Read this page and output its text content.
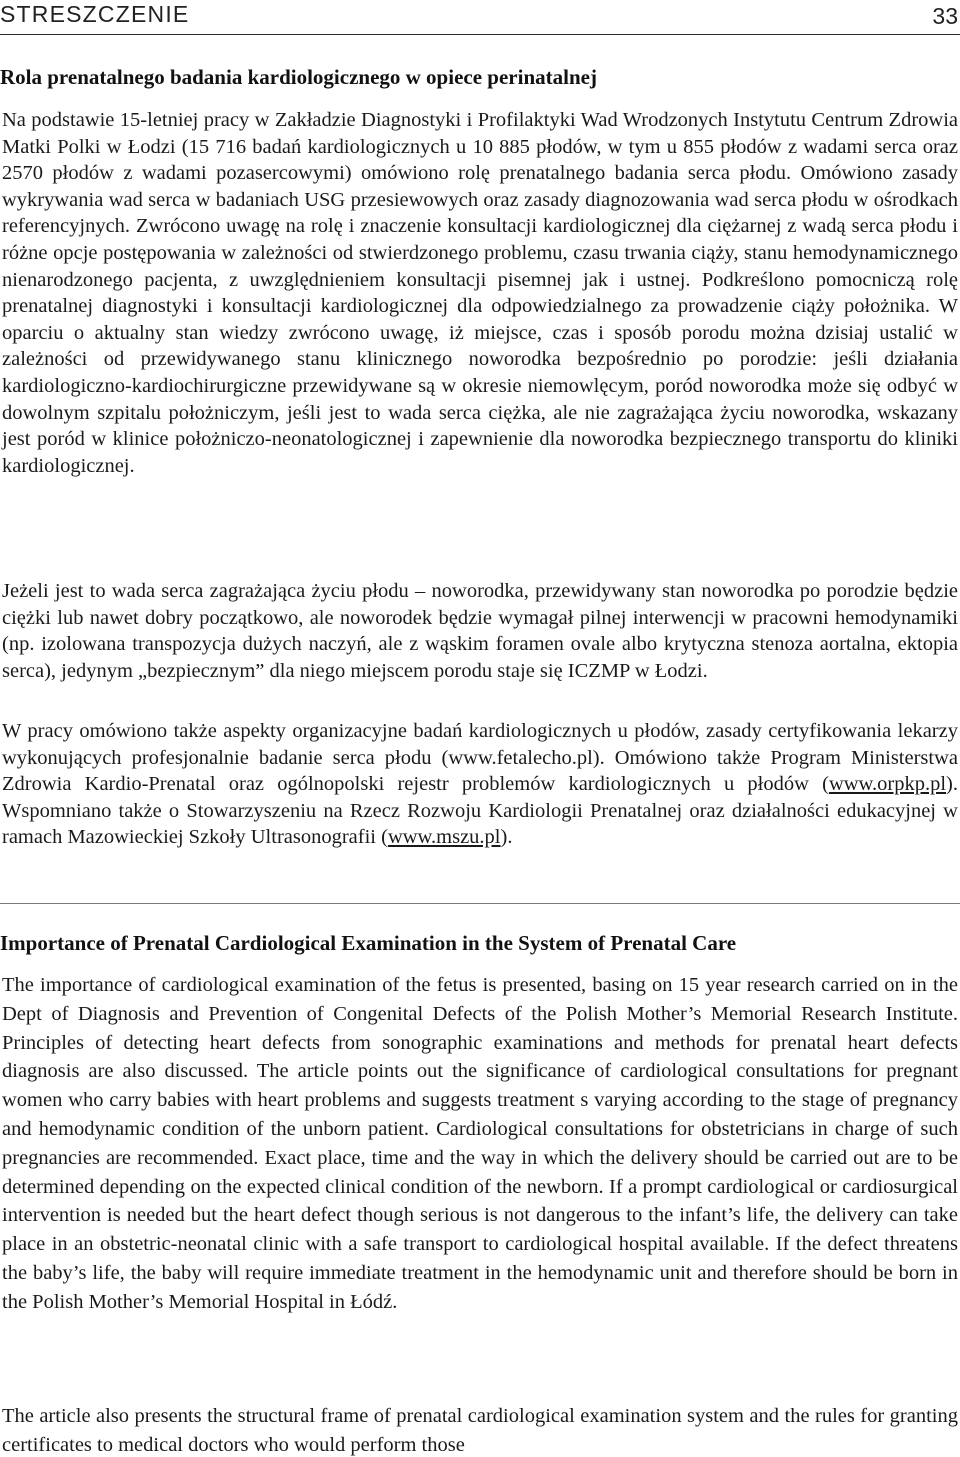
STRESZCZENIE	33
Rola prenatalnego badania kardiologicznego w opiece perinatalnej

Na podstawie 15-letniej pracy w Zakładzie Diagnostyki i Profilaktyki Wad Wrodzonych Instytutu Centrum Zdrowia Matki Polki w Łodzi (15 716 badań kardiologicznych u 10 885 płodów, w tym u 855 płodów z wadami serca oraz 2570 płodów z wadami pozasercowymi) omówiono rolę prenatalnego badania serca płodu. Omówiono zasady wykrywania wad serca w badaniach USG przesiewowych oraz zasady diagnozowania wad serca płodu w ośrodkach referencyjnych. Zwrócono uwagę na rolę i znaczenie konsultacji kardiologicznej dla ciężarnej z wadą serca płodu i różne opcje postępowania w zależności od stwierdzonego problemu, czasu trwania ciąży, stanu hemodynamicznego nienarodzonego pacjenta, z uwzględnieniem konsultacji pisemnej jak i ustnej. Podkreślono pomocniczą rolę prenatalnej diagnostyki i konsultacji kardiologicznej dla odpowiedzialnego za prowadzenie ciąży położnika. W oparciu o aktualny stan wiedzy zwrócono uwagę, iż miejsce, czas i sposób porodu można dzisiaj ustalić w zależności od przewidywanego stanu klinicznego noworodka bezpośrednio po porodzie: jeśli działania kardiologiczno-kardiochirurgiczne przewidywane są w okresie niemowlęcym, poród noworodka może się odbyć w dowolnym szpitalu położniczym, jeśli jest to wada serca ciężka, ale nie zagrażająca życiu noworodka, wskazany jest poród w klinice położniczo-neonatologicznej i zapewnienie dla noworodka bezpiecznego transportu do kliniki kardiologicznej.

Jeżeli jest to wada serca zagrażająca życiu płodu – noworodka, przewidywany stan noworodka po porodzie będzie ciężki lub nawet dobry początkowo, ale noworodek będzie wymagał pilnej interwencji w pracowni hemodynamiki (np. izolowana transpozycja dużych naczyń, ale z wąskim foramen ovale albo krytyczna stenoza aortalna, ektopia serca), jedynym „bezpiecznym” dla niego miejscem porodu staje się ICZMP w Łodzi.

W pracy omówiono także aspekty organizacyjne badań kardiologicznych u płodów, zasady certyfikowania lekarzy wykonujących profesjonalnie badanie serca płodu (www.fetalecho.​pl). Omówiono także Program Ministerstwa Zdrowia Kardio-Prenatal oraz ogólnopolski rejestr problemów kardiologicznych u płodów (www.orpkp.pl). Wspomniano także o Stowarzyszeniu na Rzecz Rozwoju Kardiologii Prenatalnej oraz działalności edukacyjnej w ramach Mazowieckiej Szkoły Ultrasonografii (www.mszu.pl).

Importance of Prenatal Cardiological Examination in the System of Prenatal Care

The importance of cardiological examination of the fetus is presented, basing on 15 year research carried on in the Dept of Diagnosis and Prevention of Congenital Defects of the Polish Mother’s Memorial Research Institute. Principles of detecting heart defects from sonographic examinations and methods for prenatal heart defects diagnosis are also discussed. The article points out the significance of cardiological consultations for pregnant women who carry babies with heart problems and suggests treatment s varying according to the stage of pregnancy and hemodynamic condition of the unborn patient. Cardiological consultations for obstetricians in charge of such pregnancies are recommended. Exact place, time and the way in which the delivery should be carried out are to be determined depending on the expected clinical condition of the newborn. If a prompt cardiological or cardiosurgical intervention is needed but the heart defect though serious is not dangerous to the infant’s life, the delivery can take place in an obstetric-neonatal clinic with a safe transport to cardiological hospital available. If the defect threatens the baby’s life, the baby will require immediate treatment in the hemodynamic unit and therefore should be born in the Polish Mother’s Memorial Hospital in Łódź.

The article also presents the structural frame of prenatal cardiological examination system and the rules for granting certificates to medical doctors who would perform those
